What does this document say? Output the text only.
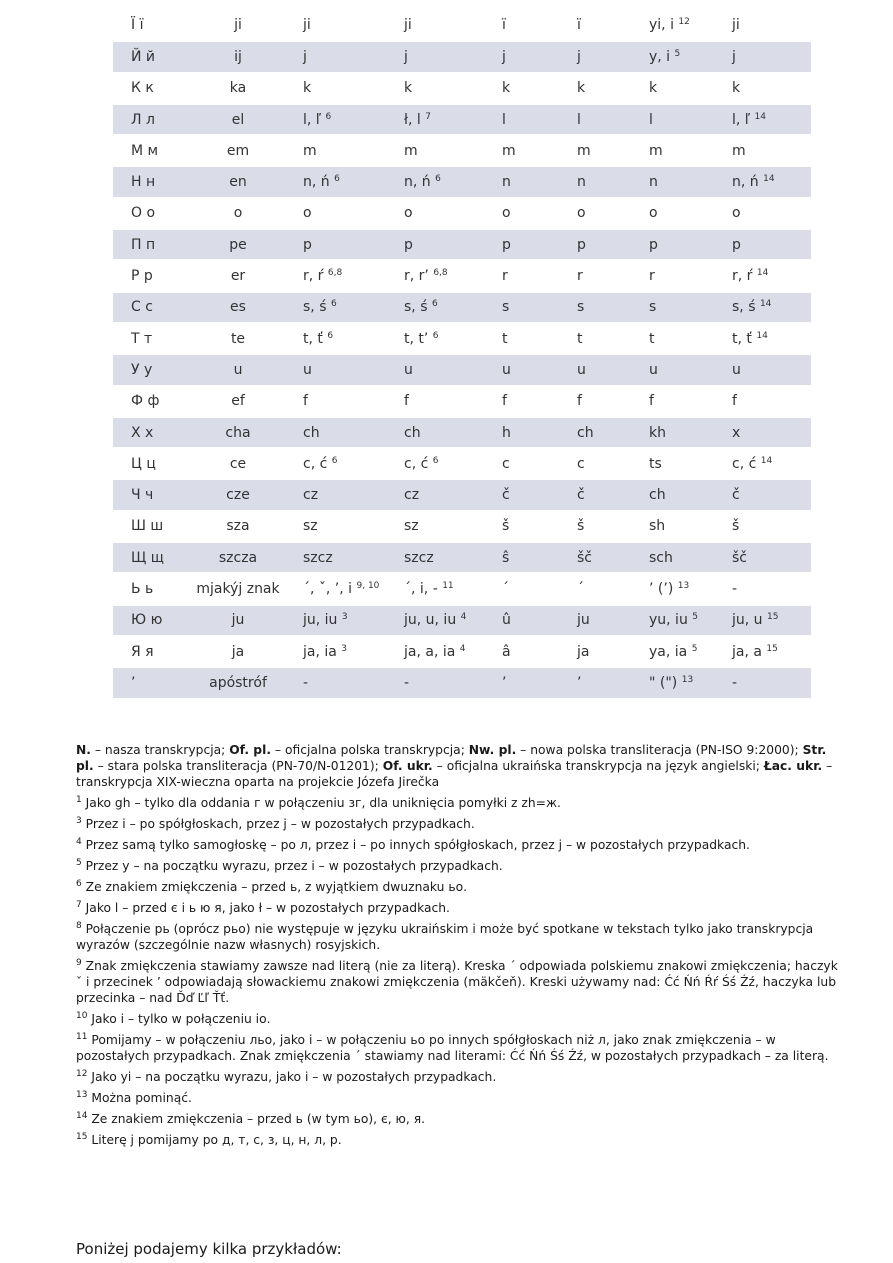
Ї ї	ji	ji	ji	ї	ї	yi, i $^{12}$	ji
Й й	ij	j	j	j	j	y, i $^5$	j
К к	ka	k	k	k	k	k	k
Л л	el	l, ľ $^6$	ł, l $^7$	l	l	l	l, ľ $^{14}$
М м	em	m	m	m	m	m	m
Н н	en	n, ń $^6$	n, ń $^6$	n	n	n	n, ń $^{14}$
О о	o	o	o	o	o	o	o
П п	pe	p	p	p	p	p	p
Р р	er	r, ŕ $^{6,8}$	r, r’ $^{6,8}$	r	r	r	r, ŕ $^{14}$
С с	es	s, ś $^6$	s, ś $^6$	s	s	s	s, ś $^{14}$
Т т	te	t, ť $^6$	t, t’ $^6$	t	t	t	t, ť $^{14}$
У у	u	u	u	u	u	u	u
Ф ф	ef	f	f	f	f	f	f
Х х	cha	ch	ch	h	ch	kh	x
Ц ц	ce	c, ć $^6$	c, ć $^6$	c	c	ts	c, ć $^{14}$
Ч ч	cze	cz	cz	č	č	ch	č
Ш ш	sza	sz	sz	š	š	sh	š
Щ щ	szcza	szcz	szcz	ŝ	šč	sch	šč
Ь ь	mjakýj znak	´, ˇ, ’, i $^{9, 10}$	´, i, - $^{11}$	´	´	’ (’) $^{13}$	-
Ю ю	ju	ju, iu $^3$	ju, u, iu $^4$	û	ju	yu, iu $^5$	ju, u $^{15}$
Я я	ja	ja, ia $^3$	ja, a, ia $^4$	â	ja	ya, ia $^5$	ja, a $^{15}$
’	apóstróf	-	-	’	’	" (") $^{13}$	-

N. – nasza transkrypcja; Of. pl. – oficjalna polska transkrypcja; Nw. pl. – nowa polska transliteracja (PN-ISO 9:2000); Str. pl. – stara polska transliteracja (PN-70/N-01201); Of. ukr. – oficjalna ukraińska transkrypcja na język angielski; Łac. ukr. – transkrypcja XIX-wieczna oparta na projekcie Józefa Jirečka

$^1$ Jako gh – tylko dla oddania г w połączeniu зг, dla uniknięcia pomyłki z zh=ж.

$^3$ Przez i – po spółgłoskach, przez j – w pozostałych przypadkach.

$^4$ Przez samą tylko samogłoskę – po л, przez i – po innych spółgłoskach, przez j – w pozostałych przypadkach.

$^5$ Przez y – na początku wyrazu, przez i – w pozostałych przypadkach.

$^6$ Ze znakiem zmiękczenia – przed ь, z wyjątkiem dwuznaku ьо.

$^7$ Jako l – przed є і ь ю я, jako ł – w pozostałych przypadkach.

$^8$ Połączenie рь (oprócz рьо) nie występuje w języku ukraińskim i może być spotkane w tekstach tylko jako transkrypcja wyrazów (szczególnie nazw własnych) rosyjskich.

$^9$ Znak zmiękczenia stawiamy zawsze nad literą (nie za literą). Kreska ´ odpowiada polskiemu znakowi zmiękczenia; haczyk ˇ i przecinek ’ odpowiadają słowackiemu znakowi zmiękczenia (mäkčeň). Kreski używamy nad: Ćć Ńń Ŕŕ Śś Źź, haczyka lub przecinka – nad Ďď Ľľ Ťť.

$^{10}$ Jako i – tylko w połączeniu іо.

$^{11}$ Pomijamy – w połączeniu льо, jako i – w połączeniu ьо po innych spółgłoskach niż л, jako znak zmiękczenia – w pozostałych przypadkach. Znak zmiękczenia ´ stawiamy nad literami: Ćć Ńń Śś Źź, w pozostałych przypadkach – za literą.

$^{12}$ Jako yi – na początku wyrazu, jako i – w pozostałych przypadkach.

$^{13}$ Można pominąć.

$^{14}$ Ze znakiem zmiękczenia – przed ь (w tym ьо), є, ю, я.

$^{15}$ Literę j pomijamy po д, т, с, з, ц, н, л, р.

Poniżej podajemy kilka przykładów:
